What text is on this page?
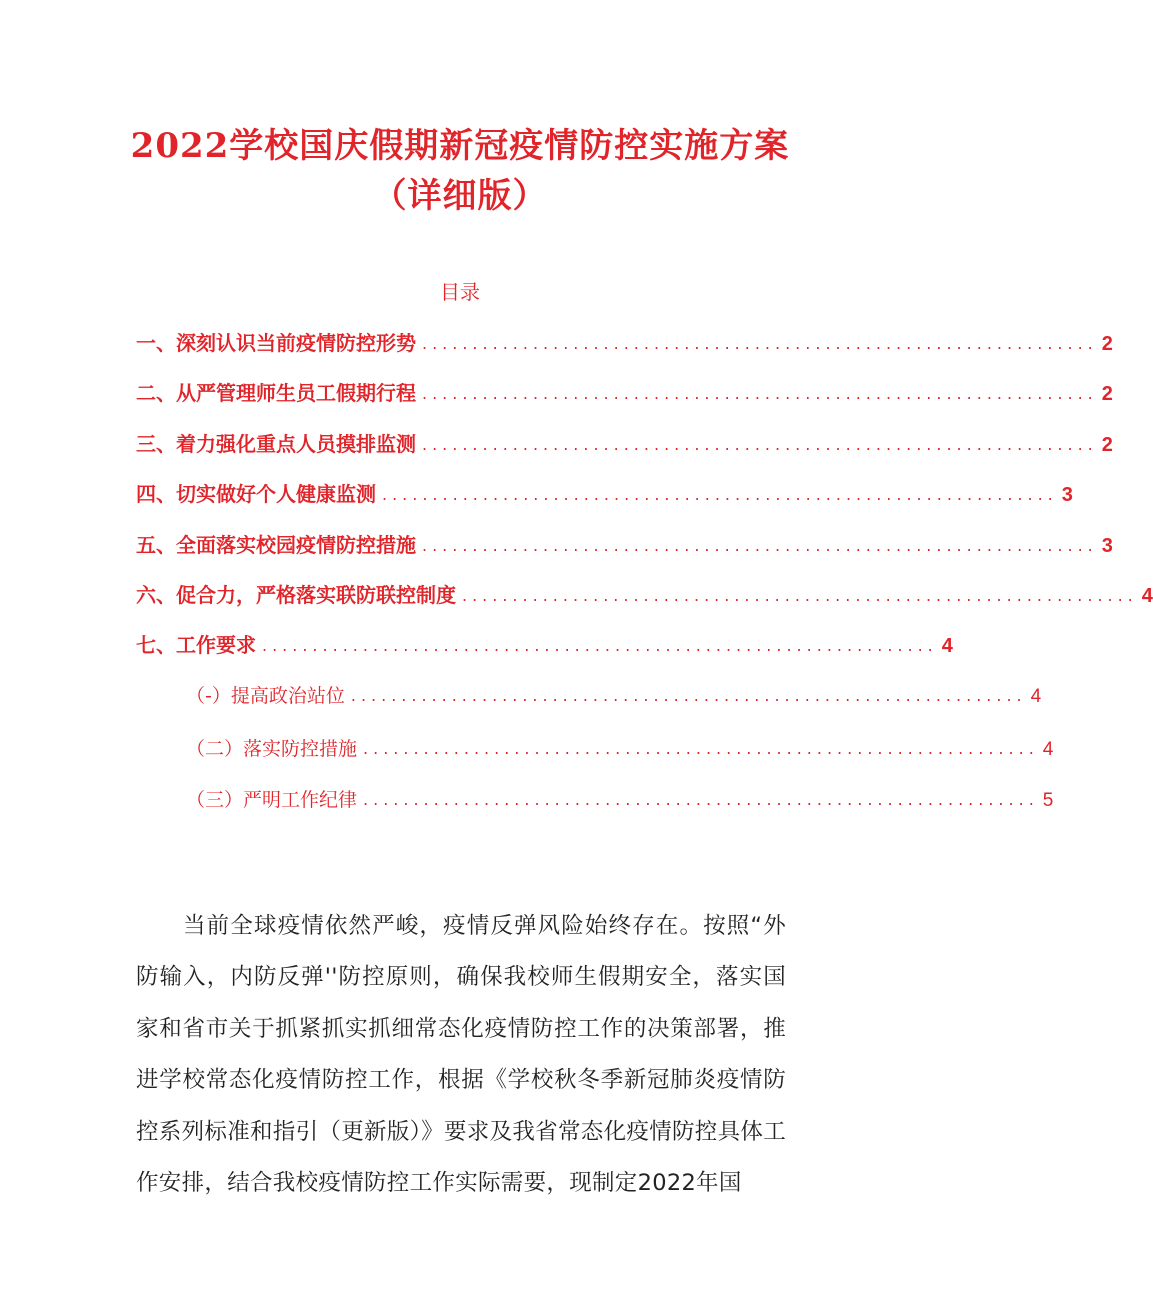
2022学校国庆假期新冠疫情防控实施方案
（详细版）
目录
一、深刻认识当前疫情防控形势 ................................................................... 2
二、从严管理师生员工假期行程 ................................................................... 2
三、着力强化重点人员摸排监测 ................................................................... 2
四、切实做好个人健康监测 ................................................................... 3
五、全面落实校园疫情防控措施 ................................................................... 3
六、促合力，严格落实联防联控制度 ................................................................... 4
七、工作要求 ................................................................... 4
（-）提高政治站位 ................................................................... 4
（二）落实防控措施 ................................................................... 4
（三）严明工作纪律 ................................................................... 5

当前全球疫情依然严峻，疫情反弹风险始终存在。按照“外防输入，内防反弹''防控原则，确保我校师生假期安全，落实国家和省市关于抓紧抓实抓细常态化疫情防控工作的决策部署，推进学校常态化疫情防控工作，根据《学校秋冬季新冠肺炎疫情防控系列标准和指引（更新版）》要求及我省常态化疫情防控具体工作安排，结合我校疫情防控工作实际需要，现制定2022年国
